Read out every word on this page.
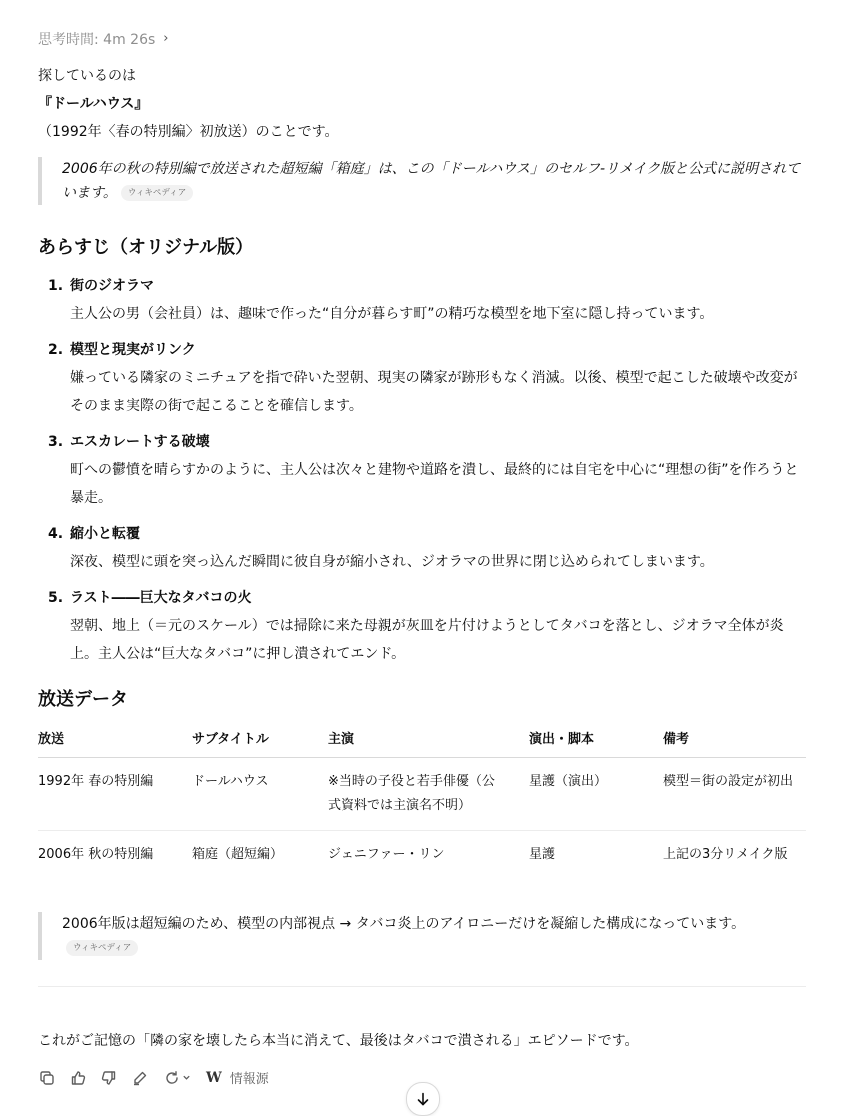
思考時間: 4m 26s ›
探しているのは
『ドールハウス』
（1992年〈春の特別編〉初放送）のことです。
2006年の秋の特別編で放送された超短編「箱庭」は、この「ドールハウス」のセルフ-リメイク版と公式に説明されています。 ウィキペディア
あらすじ（オリジナル版）
1. 街のジオラマ
主人公の男（会社員）は、趣味で作った“自分が暮らす町”の精巧な模型を地下室に隠し持っています。
2. 模型と現実がリンク
嫌っている隣家のミニチュアを指で砕いた翌朝、現実の隣家が跡形もなく消滅。以後、模型で起こした破壊や改変がそのまま実際の街で起こることを確信します。
3. エスカレートする破壊
町への鬱憤を晴らすかのように、主人公は次々と建物や道路を潰し、最終的には自宅を中心に“理想の街”を作ろうと暴走。
4. 縮小と転覆
深夜、模型に頭を突っ込んだ瞬間に彼自身が縮小され、ジオラマの世界に閉じ込められてしまいます。
5. ラスト――巨大なタバコの火
翌朝、地上（＝元のスケール）では掃除に来た母親が灰皿を片付けようとしてタバコを落とし、ジオラマ全体が炎上。主人公は“巨大なタバコ”に押し潰されてエンド。
放送データ
放送	サブタイトル	主演	演出・脚本	備考
1992年 春の特別編	ドールハウス	※当時の子役と若手俳優（公式資料では主演名不明）	星護（演出）	模型＝街の設定が初出
2006年 秋の特別編	箱庭（超短編）	ジェニファー・リン	星護	上記の3分リメイク版
2006年版は超短編のため、模型の内部視点 → タバコ炎上のアイロニーだけを凝縮した構成になっています。ウィキペディア
これがご記憶の「隣の家を壊したら本当に消えて、最後はタバコで潰される」エピソードです。
W 情報源
